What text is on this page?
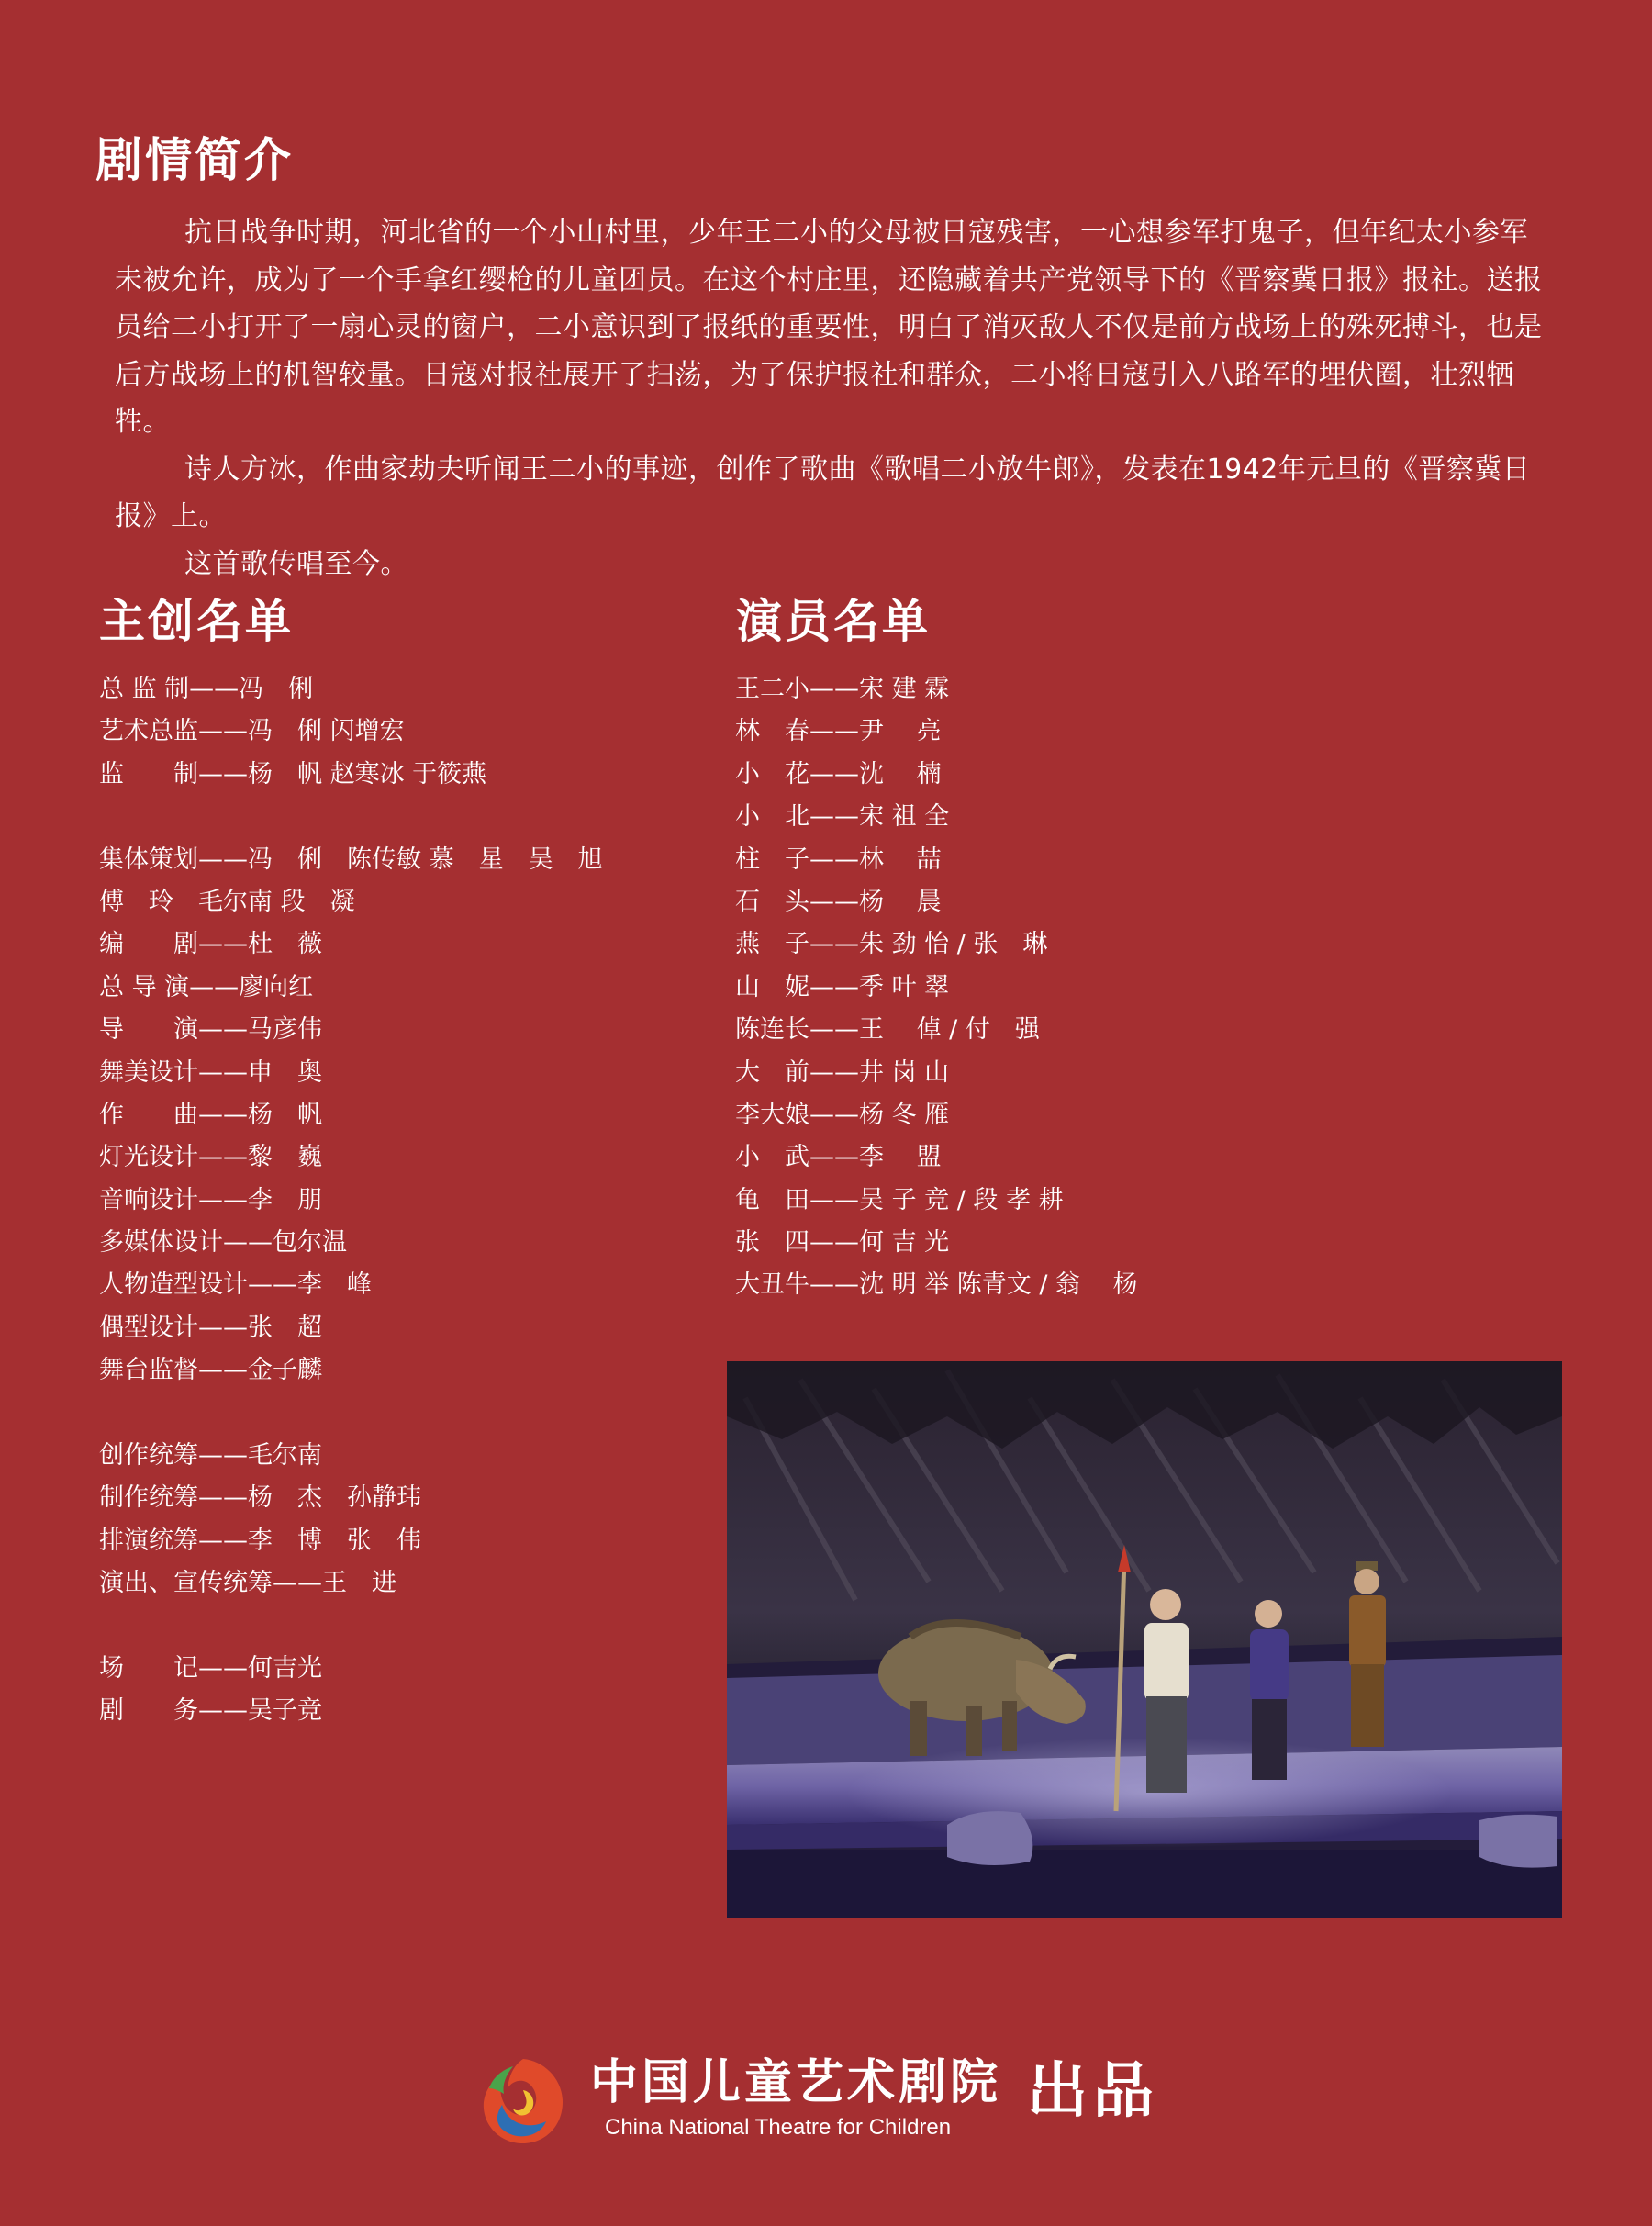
剧情简介

抗日战争时期，河北省的一个小山村里，少年王二小的父母被日寇残害，一心想参军打鬼子，但年纪太小参军未被允许，成为了一个手拿红缨枪的儿童团员。在这个村庄里，还隐藏着共产党领导下的《晋察冀日报》报社。送报员给二小打开了一扇心灵的窗户，二小意识到了报纸的重要性，明白了消灭敌人不仅是前方战场上的殊死搏斗，也是后方战场上的机智较量。日寇对报社展开了扫荡，为了保护报社和群众，二小将日寇引入八路军的埋伏圈，壮烈牺牲。

诗人方冰，作曲家劫夫听闻王二小的事迹，创作了歌曲《歌唱二小放牛郎》，发表在1942年元旦的《晋察冀日报》上。

这首歌传唱至今。

主创名单
总 监 制——冯　俐
艺术总监——冯　俐 闪增宏
监　　制——杨　帆 赵寒冰 于筱燕
集体策划——冯　俐　陈传敏 慕　星　吴　旭
傅　玲　毛尔南 段　凝
编　　剧——杜　薇
总 导 演——廖向红
导　　演——马彦伟
舞美设计——申　奥
作　　曲——杨　帆
灯光设计——黎　巍
音响设计——李　朋
多媒体设计——包尔温
人物造型设计——李　峰
偶型设计——张　超
舞台监督——金子麟
创作统筹——毛尔南
制作统筹——杨　杰　孙静玮
排演统筹——李　博　张　伟
演出、宣传统筹——王　进
场　　记——何吉光
剧　　务——吴子竞
演员名单
王二小——宋 建 霖
林　春——尹　 亮
小　花——沈　 楠
小　北——宋 祖 全
柱　子——林　 喆
石　头——杨　 晨
燕　子——朱 劲 怡 / 张　琳
山　妮——季 叶 翠
陈连长——王　 倬 / 付　强
大　前——井 岗 山
李大娘——杨 冬 雁
小　武——李　 盟
龟　田——吴 子 竞 / 段 孝 耕
张　四——何 吉 光
大丑牛——沈 明 举 陈青文 / 翁　 杨
中国儿童艺术剧院
China National Theatre for Children
出品
